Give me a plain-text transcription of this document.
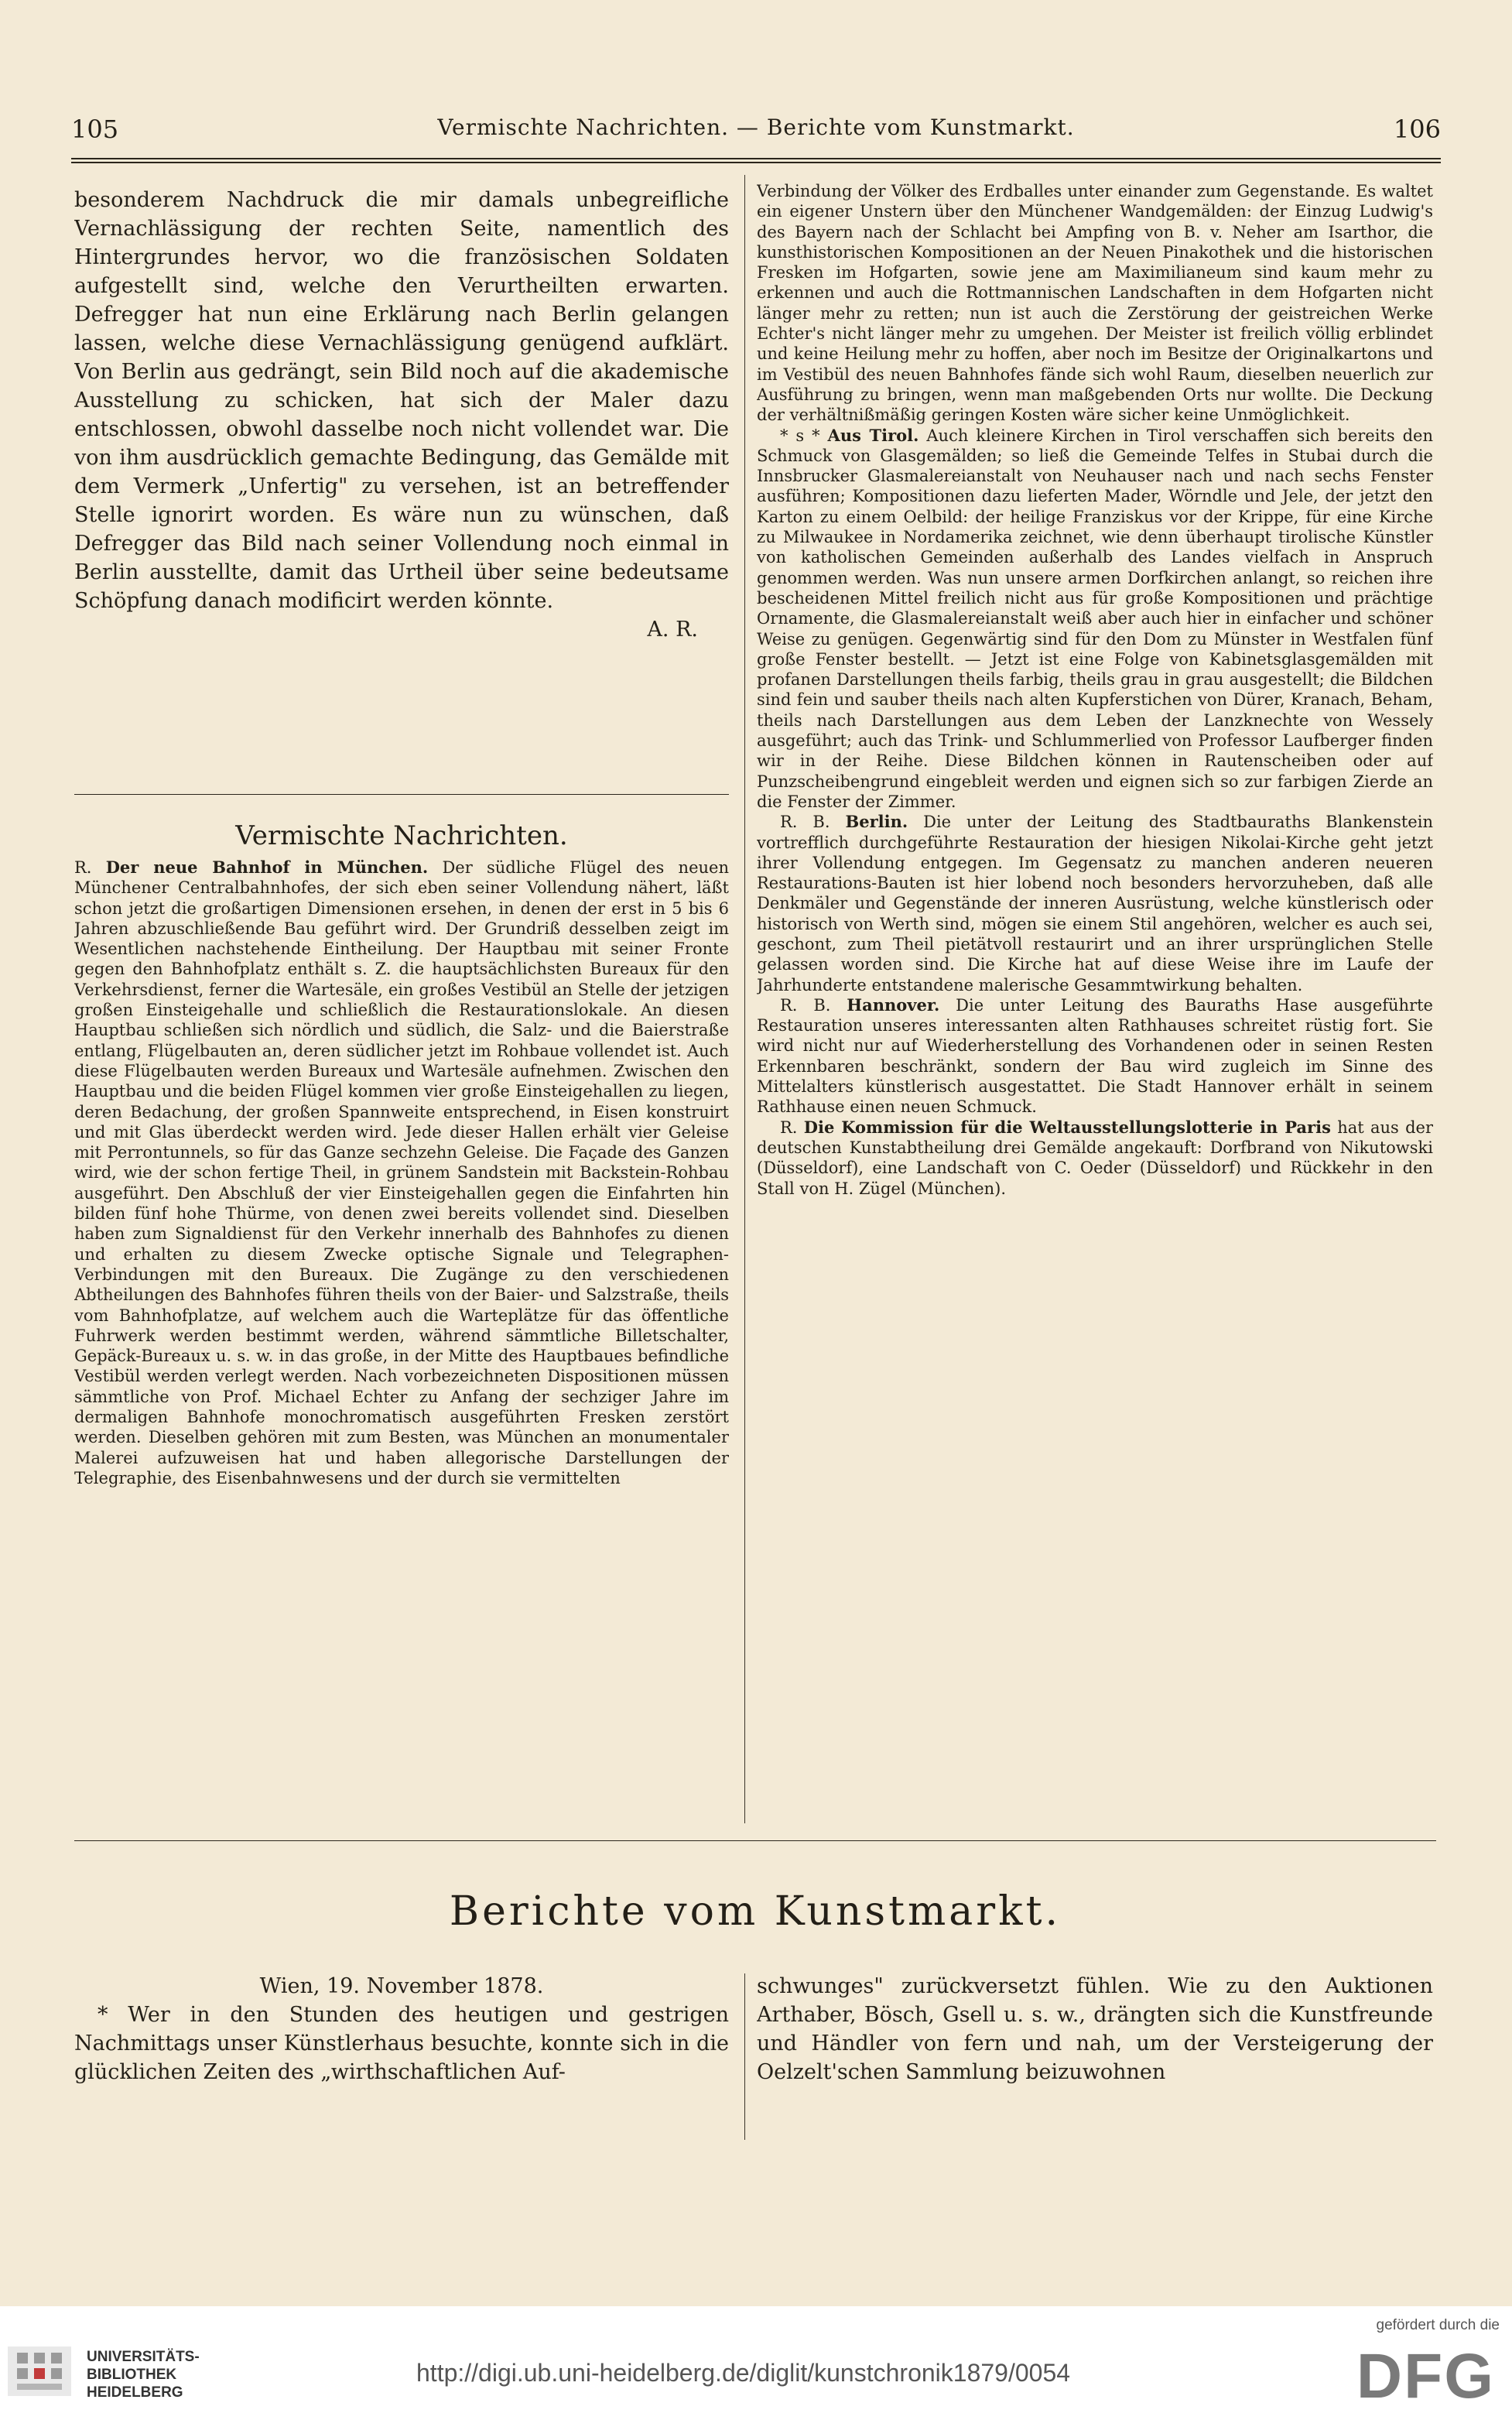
105	Vermischte Nachrichten. — Berichte vom Kunstmarkt.	106

besonderem Nachdruck die mir damals unbegreifliche Vernachlässigung der rechten Seite, namentlich des Hintergrundes hervor, wo die französischen Soldaten aufgestellt sind, welche den Verurtheilten erwarten. Defregger hat nun eine Erklärung nach Berlin gelangen lassen, welche diese Vernachlässigung genügend aufklärt. Von Berlin aus gedrängt, sein Bild noch auf die akademische Ausstellung zu schicken, hat sich der Maler dazu entschlossen, obwohl dasselbe noch nicht vollendet war. Die von ihm ausdrücklich gemachte Bedingung, das Gemälde mit dem Vermerk „Unfertig" zu versehen, ist an betreffender Stelle ignorirt worden. Es wäre nun zu wünschen, daß Defregger das Bild nach seiner Vollendung noch einmal in Berlin ausstellte, damit das Urtheil über seine bedeutsame Schöpfung danach modificirt werden könnte.

A. R.
Vermischte Nachrichten.

R. Der neue Bahnhof in München. Der südliche Flügel des neuen Münchener Centralbahnhofes, der sich eben seiner Vollendung nähert, läßt schon jetzt die großartigen Dimensionen ersehen, in denen der erst in 5 bis 6 Jahren abzuschließende Bau geführt wird. Der Grundriß desselben zeigt im Wesentlichen nachstehende Eintheilung. Der Hauptbau mit seiner Fronte gegen den Bahnhofplatz enthält s. Z. die hauptsächlichsten Bureaux für den Verkehrsdienst, ferner die Wartesäle, ein großes Vestibül an Stelle der jetzigen großen Einsteigehalle und schließlich die Restaurationslokale. An diesen Hauptbau schließen sich nördlich und südlich, die Salz- und die Baierstraße entlang, Flügelbauten an, deren südlicher jetzt im Rohbaue vollendet ist. Auch diese Flügelbauten werden Bureaux und Wartesäle aufnehmen. Zwischen den Hauptbau und die beiden Flügel kommen vier große Einsteigehallen zu liegen, deren Bedachung, der großen Spannweite entsprechend, in Eisen konstruirt und mit Glas überdeckt werden wird. Jede dieser Hallen erhält vier Geleise mit Perrontunnels, so für das Ganze sechzehn Geleise. Die Façade des Ganzen wird, wie der schon fertige Theil, in grünem Sandstein mit Backstein-Rohbau ausgeführt. Den Abschluß der vier Einsteigehallen gegen die Einfahrten hin bilden fünf hohe Thürme, von denen zwei bereits vollendet sind. Dieselben haben zum Signaldienst für den Verkehr innerhalb des Bahnhofes zu dienen und erhalten zu diesem Zwecke optische Signale und Telegraphen-Verbindungen mit den Bureaux. Die Zugänge zu den verschiedenen Abtheilungen des Bahnhofes führen theils von der Baier- und Salzstraße, theils vom Bahnhofplatze, auf welchem auch die Warteplätze für das öffentliche Fuhrwerk werden bestimmt werden, während sämmtliche Billetschalter, Gepäck-Bureaux u. s. w. in das große, in der Mitte des Hauptbaues befindliche Vestibül werden verlegt werden. Nach vorbezeichneten Dispositionen müssen sämmtliche von Prof. Michael Echter zu Anfang der sechziger Jahre im dermaligen Bahnhofe monochromatisch ausgeführten Fresken zerstört werden. Dieselben gehören mit zum Besten, was München an monumentaler Malerei aufzuweisen hat und haben allegorische Darstellungen der Telegraphie, des Eisenbahnwesens und der durch sie vermittelten

Verbindung der Völker des Erdballes unter einander zum Gegenstande. Es waltet ein eigener Unstern über den Münchener Wandgemälden: der Einzug Ludwig's des Bayern nach der Schlacht bei Ampfing von B. v. Neher am Isarthor, die kunsthistorischen Kompositionen an der Neuen Pinakothek und die historischen Fresken im Hofgarten, sowie jene am Maximilianeum sind kaum mehr zu erkennen und auch die Rottmannischen Landschaften in dem Hofgarten nicht länger mehr zu retten; nun ist auch die Zerstörung der geistreichen Werke Echter's nicht länger mehr zu umgehen. Der Meister ist freilich völlig erblindet und keine Heilung mehr zu hoffen, aber noch im Besitze der Originalkartons und im Vestibül des neuen Bahnhofes fände sich wohl Raum, dieselben neuerlich zur Ausführung zu bringen, wenn man maßgebenden Orts nur wollte. Die Deckung der verhältnißmäßig geringen Kosten wäre sicher keine Unmöglichkeit.

* s * Aus Tirol. Auch kleinere Kirchen in Tirol verschaffen sich bereits den Schmuck von Glasgemälden; so ließ die Gemeinde Telfes in Stubai durch die Innsbrucker Glasmalereianstalt von Neuhauser nach und nach sechs Fenster ausführen; Kompositionen dazu lieferten Mader, Wörndle und Jele, der jetzt den Karton zu einem Oelbild: der heilige Franziskus vor der Krippe, für eine Kirche zu Milwaukee in Nordamerika zeichnet, wie denn überhaupt tirolische Künstler von katholischen Gemeinden außerhalb des Landes vielfach in Anspruch genommen werden. Was nun unsere armen Dorfkirchen anlangt, so reichen ihre bescheidenen Mittel freilich nicht aus für große Kompositionen und prächtige Ornamente, die Glasmalereianstalt weiß aber auch hier in einfacher und schöner Weise zu genügen. Gegenwärtig sind für den Dom zu Münster in Westfalen fünf große Fenster bestellt. — Jetzt ist eine Folge von Kabinetsglasgemälden mit profanen Darstellungen theils farbig, theils grau in grau ausgestellt; die Bildchen sind fein und sauber theils nach alten Kupferstichen von Dürer, Kranach, Beham, theils nach Darstellungen aus dem Leben der Lanzknechte von Wessely ausgeführt; auch das Trink- und Schlummerlied von Professor Laufberger finden wir in der Reihe. Diese Bildchen können in Rautenscheiben oder auf Punzscheibengrund eingebleit werden und eignen sich so zur farbigen Zierde an die Fenster der Zimmer.

R. B. Berlin. Die unter der Leitung des Stadtbauraths Blankenstein vortrefflich durchgeführte Restauration der hiesigen Nikolai-Kirche geht jetzt ihrer Vollendung entgegen. Im Gegensatz zu manchen anderen neueren Restaurations-Bauten ist hier lobend noch besonders hervorzuheben, daß alle Denkmäler und Gegenstände der inneren Ausrüstung, welche künstlerisch oder historisch von Werth sind, mögen sie einem Stil angehören, welcher es auch sei, geschont, zum Theil pietätvoll restaurirt und an ihrer ursprünglichen Stelle gelassen worden sind. Die Kirche hat auf diese Weise ihre im Laufe der Jahrhunderte entstandene malerische Gesammtwirkung behalten.

R. B. Hannover. Die unter Leitung des Bauraths Hase ausgeführte Restauration unseres interessanten alten Rathhauses schreitet rüstig fort. Sie wird nicht nur auf Wiederherstellung des Vorhandenen oder in seinen Resten Erkennbaren beschränkt, sondern der Bau wird zugleich im Sinne des Mittelalters künstlerisch ausgestattet. Die Stadt Hannover erhält in seinem Rathhause einen neuen Schmuck.

R. Die Kommission für die Weltausstellungslotterie in Paris hat aus der deutschen Kunstabtheilung drei Gemälde angekauft: Dorfbrand von Nikutowski (Düsseldorf), eine Landschaft von C. Oeder (Düsseldorf) und Rückkehr in den Stall von H. Zügel (München).

Berichte vom Kunstmarkt.

Wien, 19. November 1878.

* Wer in den Stunden des heutigen und gestrigen Nachmittags unser Künstlerhaus besuchte, konnte sich in die glücklichen Zeiten des „wirthschaftlichen Auf-

schwunges" zurückversetzt fühlen. Wie zu den Auktionen Arthaber, Bösch, Gsell u. s. w., drängten sich die Kunstfreunde und Händler von fern und nah, um der Versteigerung der Oelzelt'schen Sammlung beizuwohnen

UNIVERSITÄTS-
BIBLIOTHEK
HEIDELBERG
http://digi.ub.uni-heidelberg.de/diglit/kunstchronik1879/0054
gefördert durch die
DFG
